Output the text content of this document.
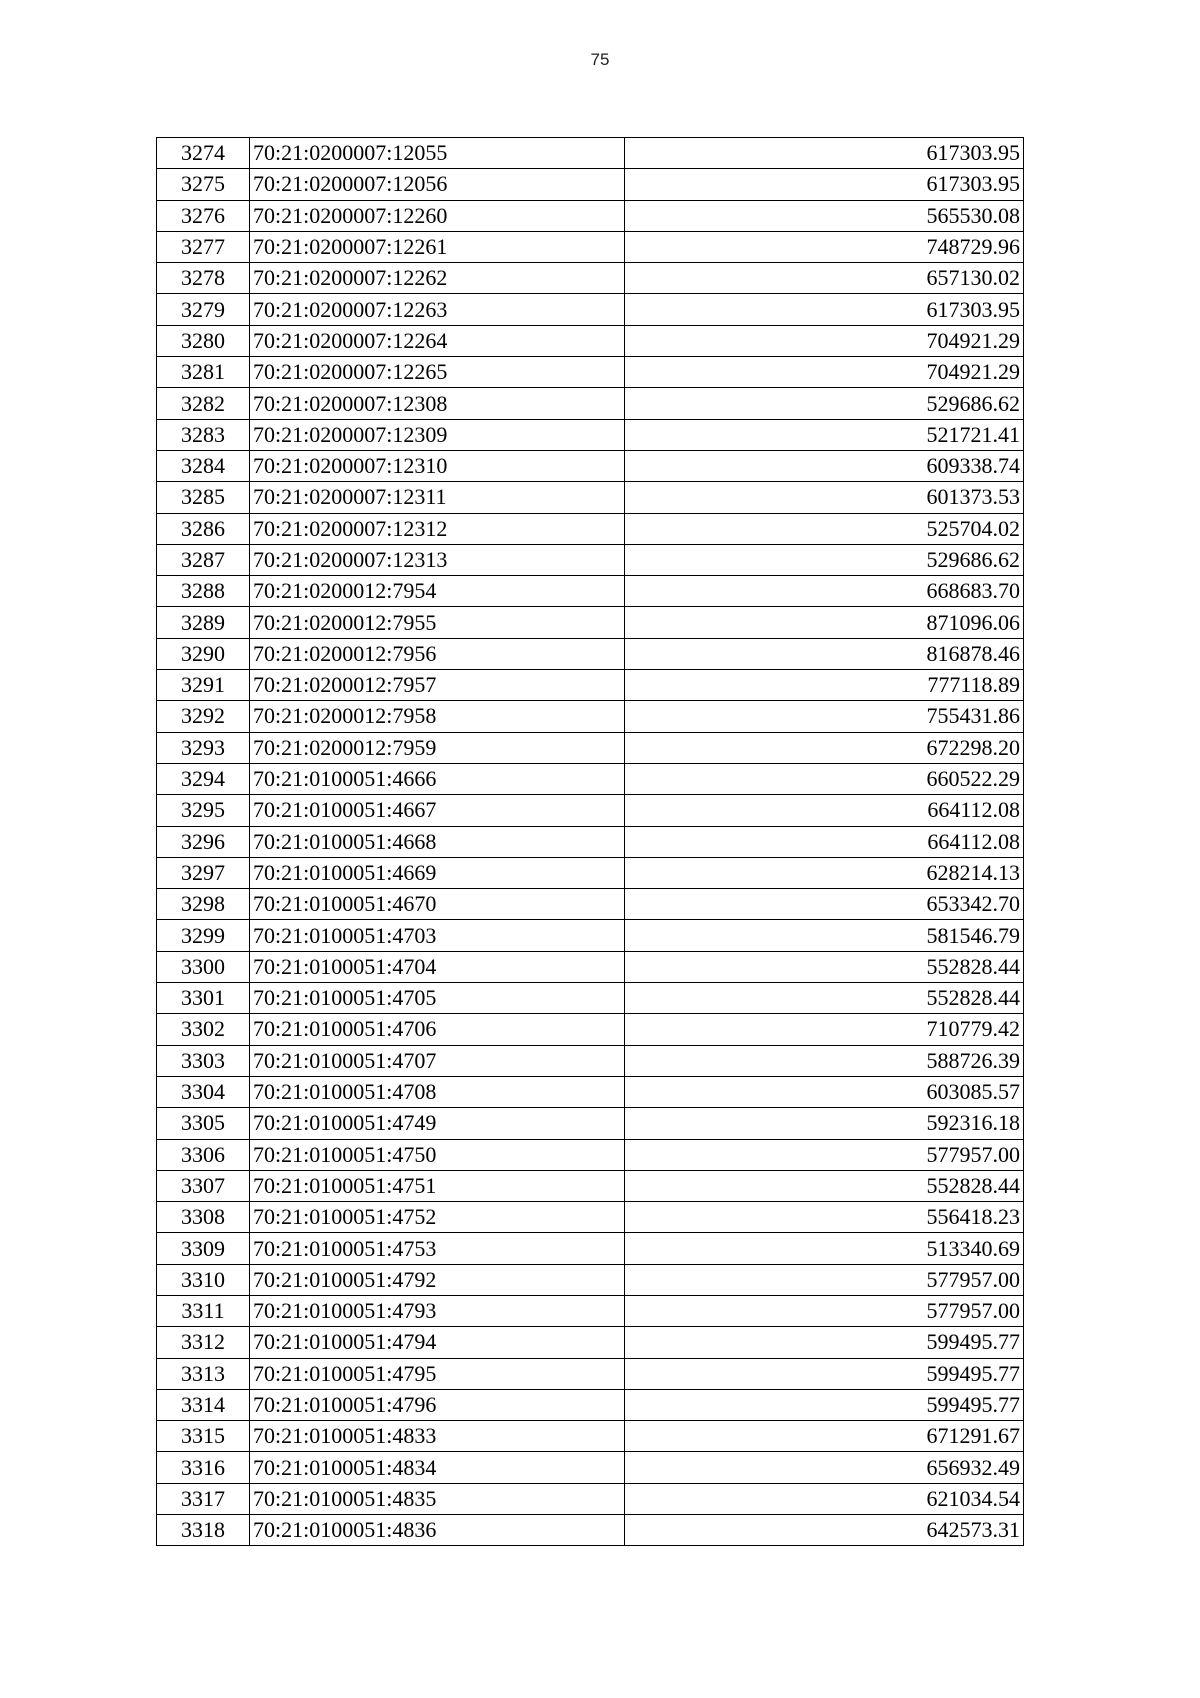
75
3274	70:21:0200007:12055	617303.95
3275	70:21:0200007:12056	617303.95
3276	70:21:0200007:12260	565530.08
3277	70:21:0200007:12261	748729.96
3278	70:21:0200007:12262	657130.02
3279	70:21:0200007:12263	617303.95
3280	70:21:0200007:12264	704921.29
3281	70:21:0200007:12265	704921.29
3282	70:21:0200007:12308	529686.62
3283	70:21:0200007:12309	521721.41
3284	70:21:0200007:12310	609338.74
3285	70:21:0200007:12311	601373.53
3286	70:21:0200007:12312	525704.02
3287	70:21:0200007:12313	529686.62
3288	70:21:0200012:7954	668683.70
3289	70:21:0200012:7955	871096.06
3290	70:21:0200012:7956	816878.46
3291	70:21:0200012:7957	777118.89
3292	70:21:0200012:7958	755431.86
3293	70:21:0200012:7959	672298.20
3294	70:21:0100051:4666	660522.29
3295	70:21:0100051:4667	664112.08
3296	70:21:0100051:4668	664112.08
3297	70:21:0100051:4669	628214.13
3298	70:21:0100051:4670	653342.70
3299	70:21:0100051:4703	581546.79
3300	70:21:0100051:4704	552828.44
3301	70:21:0100051:4705	552828.44
3302	70:21:0100051:4706	710779.42
3303	70:21:0100051:4707	588726.39
3304	70:21:0100051:4708	603085.57
3305	70:21:0100051:4749	592316.18
3306	70:21:0100051:4750	577957.00
3307	70:21:0100051:4751	552828.44
3308	70:21:0100051:4752	556418.23
3309	70:21:0100051:4753	513340.69
3310	70:21:0100051:4792	577957.00
3311	70:21:0100051:4793	577957.00
3312	70:21:0100051:4794	599495.77
3313	70:21:0100051:4795	599495.77
3314	70:21:0100051:4796	599495.77
3315	70:21:0100051:4833	671291.67
3316	70:21:0100051:4834	656932.49
3317	70:21:0100051:4835	621034.54
3318	70:21:0100051:4836	642573.31
